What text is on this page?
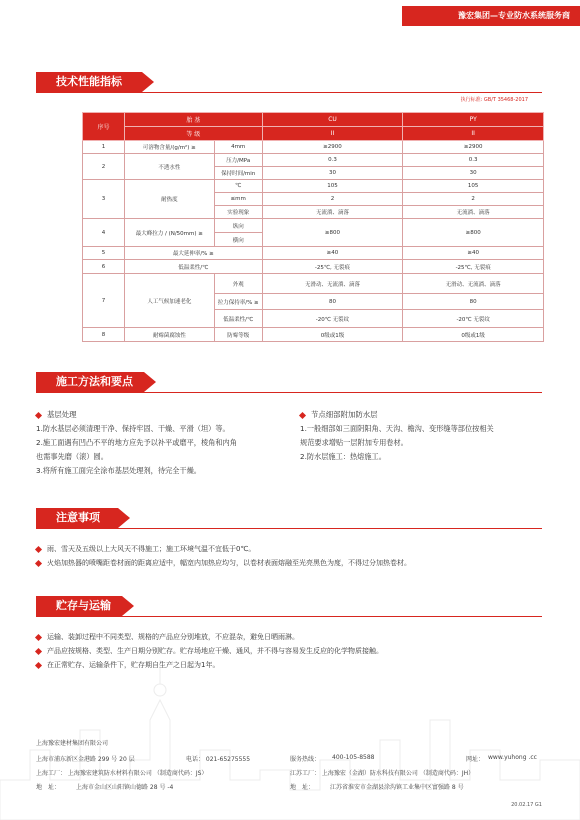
豫宏集团—专业防水系统服务商
技术性能指标
执行标准: GB/T 35468-2017
序号	胎 基		CU	PY
	等 级		II	II
1	可溶物含量/(g/m²) ≥	4mm	≥2900	≥2900
2	不透水性	压力/MPa	0.3	0.3
		保持时间/min	30	30
3	耐热度	℃	105	105
		≤mm	2	2
		实验现象	无流淌、滴落	无流淌、滴落
4	最大峰拉力 / (N/50mm) ≥	纵向	≥800	≥800
		横向		
5	最大延伸率/% ≥		≥40	≥40
6	低温柔性/℃		-25℃, 无裂痕	-25℃, 无裂痕
7	人工气候加速老化	外观	无滑动、无流淌、滴落	无滑动、无流淌、滴落
		拉力保持率/% ≥	80	80
		低温柔性/℃	-20℃ 无裂纹	-20℃ 无裂纹
8	耐霉菌腐蚀性	防霉等级	0级或1级	0级或1级
施工方法和要点
基层处理
1.防水基层必须清理干净、保持牢固、干燥、平滑（坦）等。
2.施工面遇有凹凸不平的地方应先予以补平或磨平，棱角和内角
也需事先磨（滚）圆。
3.将所有施工面完全涂布基层处理剂，待完全干燥。
节点细部附加防水层
1.一般细部如三面阴阳角、天沟、檐沟、变形缝等部位按相关
规范要求增贴一层附加专用卷材。
2.防水层施工：热熔施工。
注意事项
雨、雪天及五级以上大风天不得施工；施工环境气温不宜低于0℃。
火焰加热器的喷嘴距卷材面的距离应适中，幅宽内加热应均匀，以卷材表面熔融至光亮黑色为度，不得过分加热卷材。
贮存与运输
运输、装卸过程中不同类型、规格的产品应分别堆放，不应混杂，避免日晒雨淋。
产品应按规格、类型、生产日期分别贮存。贮存场地应干燥、通风，并不得与容易发生反应的化学物质接触。
在正常贮存、运输条件下，贮存期自生产之日起为1年。
上海豫宏建材集团有限公司
上海市浦东新区金港路 299 号 20 层	电话： 021-65275555	服务热线： 400-105-8588	网址： www.yuhong .cc
上海工厂： 上海豫宏建筑防水材料有限公司 （制造商代码：JS）	江苏工厂： 上海豫宏（金湖）防水科技有限公司 （制造商代码：JH）
地　址：	上海市金山区山阳镇山德路 28 号 -4	地　址：	江苏省淮安市金湖县涂沟镇工业集中区富强路 8 号
20.02.17 G1
